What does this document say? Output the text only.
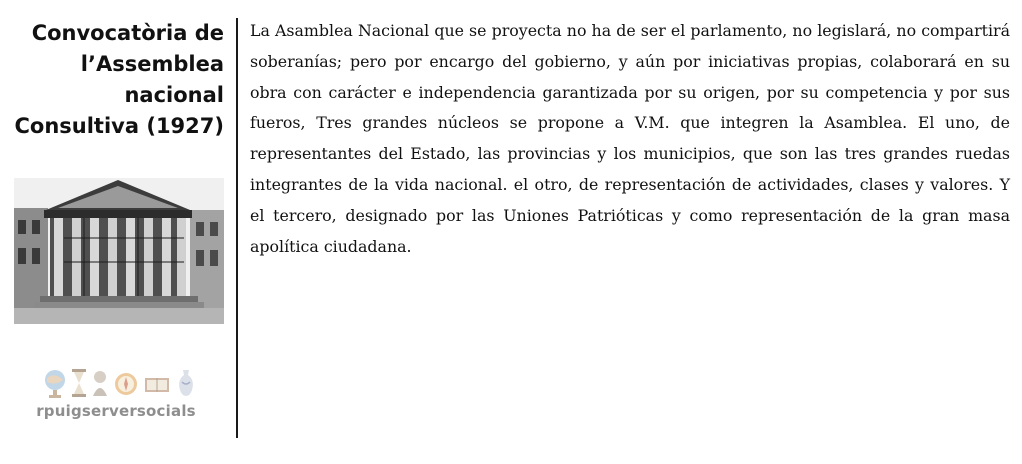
Convocatòria de
l’Assemblea
nacional
Consultiva (1927)
rpuigserversocials
La Asamblea Nacional que se proyecta no ha de ser el parlamento, no legislará, no compartirá soberanías; pero por encargo del gobierno, y aún por iniciativas propias, colaborará en su obra con carácter e independencia garantizada por su origen, por su competencia y por sus fueros, Tres grandes núcleos se propone a V.M. que integren la Asamblea. El uno, de representantes del Estado, las provincias y los municipios, que son las tres grandes ruedas integrantes de la vida nacional. el otro, de representación de actividades, clases y valores. Y el tercero, designado por las Uniones Patrióticas y como representación de la gran masa apolítica ciudadana.
